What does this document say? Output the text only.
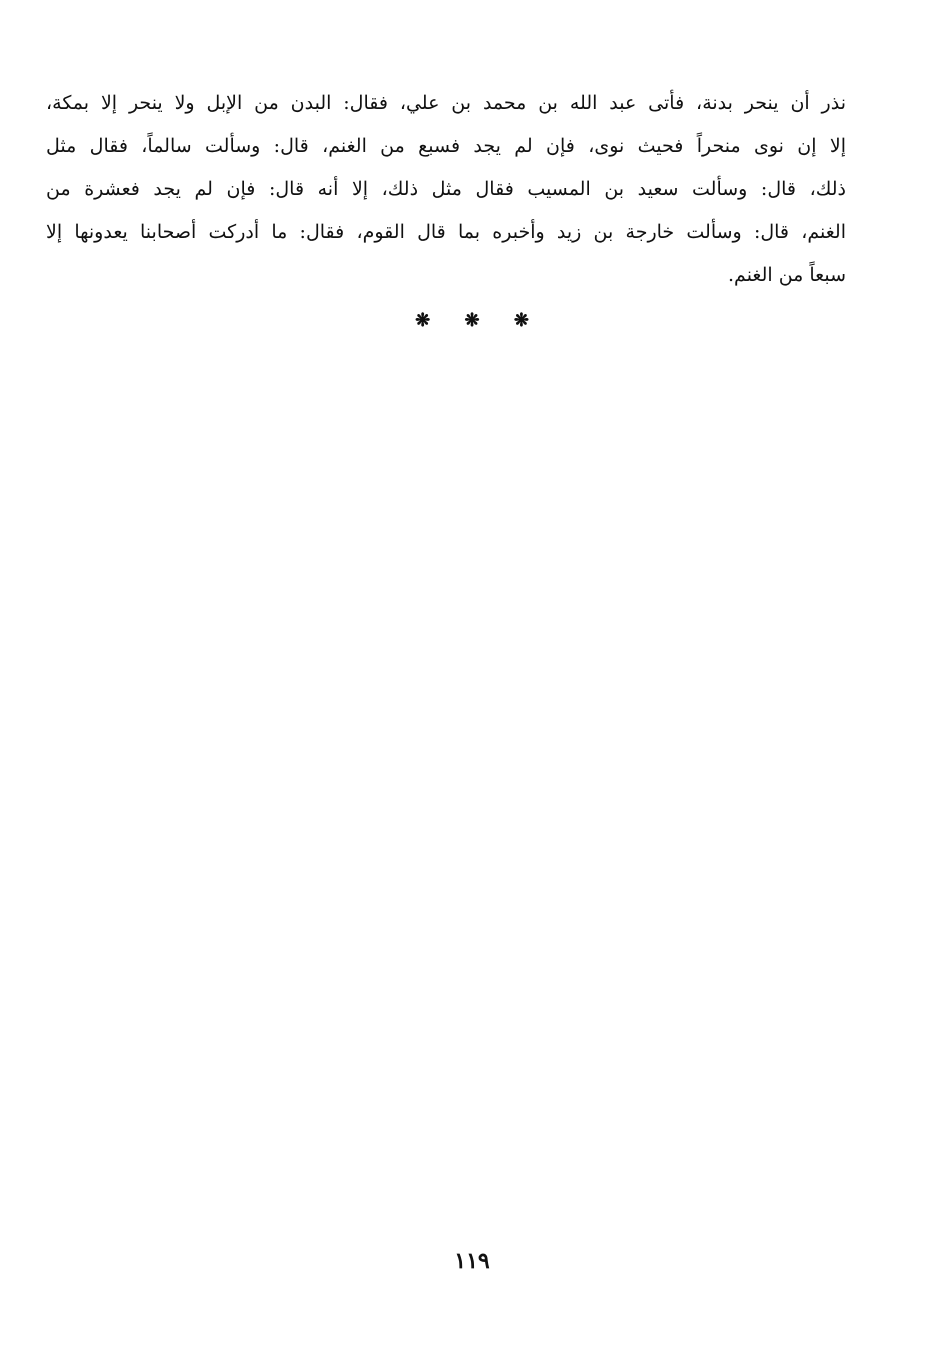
نذر أن ينحر بدنة، فأتى عبد الله بن محمد بن علي، فقال: البدن من الإبل ولا ينحر إلا بمكة،
إلا إن نوى منحراً فحيث نوى، فإن لم يجد فسبع من الغنم، قال: وسألت سالماً، فقال مثل
ذلك، قال: وسألت سعيد بن المسيب فقال مثل ذلك، إلا أنه قال: فإن لم يجد فعشرة من
الغنم، قال: وسألت خارجة بن زيد وأخبره بما قال القوم، فقال: ما أدركت أصحابنا يعدونها إلا
سبعاً من الغنم.
❋ ❋ ❋
١١٩
